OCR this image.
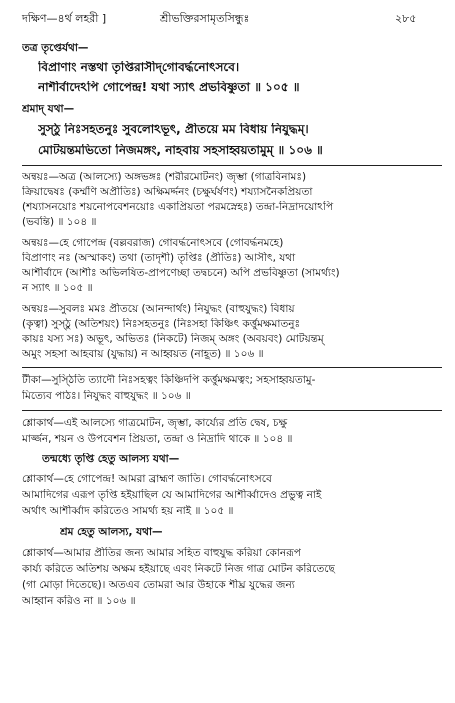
দক্ষিণ—৪র্থ লহরী ]	শ্রীভক্তিরসামৃতসিন্ধুঃ	২৮৫
তত্র তৃপ্তের্যথা—
বিপ্রাণাং নস্তথা তৃপ্তিরাসীদ্‌গোবর্দ্ধনোৎসবে।
নাশীর্বাদেঽপি গোপেন্দ্র! যথা স্যাৎ প্রভবিষ্ণুতা ॥ ১০৫ ॥
শ্রমাদ্ যথা—
সুস্ঠু নিঃসহতনুঃ সুবলোঽভূৎ, প্রীতয়ে মম বিধায় নিযুদ্ধম্।
মোটয়ন্তমভিতো নিজমঙ্গং, নাহবায় সহসাহ্বয়তামুম্ ॥ ১০৬ ॥
অন্বয়ঃ—অত্র (আলস্যে) অঙ্গভঙ্গঃ (শরীরমোটনং) জৃম্ভা (গাত্রবিনামঃ)
ক্রিয়াদ্বেষঃ (কর্ম্মণি অপ্রীতিঃ) অক্ষিমর্দ্দনং (চক্ষুর্ঘর্ষণং) শয্যাসনৈকপ্রিয়তা
(শয্যাসনয়োঃ শয়নোপবেশনয়োঃ একাপ্রিয়তা পরমস্নেহঃ) তন্দ্রা-নিদ্রাদয়োঽপি
(ভবন্তি) ॥ ১০৪ ॥
অন্বয়ঃ—হে গোপেন্দ্র (বল্লবরাজ) গোবর্দ্ধনোৎসবে (গোবর্দ্ধনমহে)
বিপ্রাণাং নঃ (অস্মাকং) তথা (তাদৃশী) তৃপ্তিঃ (প্রীতিঃ) আসীৎ, যথা
আশীর্বাদে (আশীঃ অভিলষিত-প্রাপণেচ্ছা তদ্বচনে) অপি প্রভবিষ্ণুতা (সামর্থ্যং)
ন স্যাৎ ॥ ১০৫ ॥
অন্বয়ঃ—সুবলঃ মমঃ প্রীতয়ে (আনন্দার্থং) নিযুদ্ধং (বাহুযুদ্ধং) বিধায়
(কৃত্বা) সুস্ঠু (অতিশয়ং) নিঃসহতনুঃ (নিঃসহা কিঞ্চিৎ কর্ত্তুমক্ষমাতনুঃ
কায়ঃ যস্য সঃ) অভূৎ, অভিতঃ (নিকটে) নিজম্ অঙ্গং (অবয়বং) মোটয়ন্তম্
অমুং সহসা আহবায় (যুদ্ধায়) ন আহ্বয়ত (নাহূত) ॥ ১০৬ ॥
টীকা—সুস্ঠিতি ত্যাদৌ নিঃসহত্বং কিঞ্চিদপি কর্ত্তুমক্ষমত্বং; সহসাহ্বয়তামু-
মিত্যেব পাঠঃ। নিযুদ্ধং বাহুযুদ্ধং ॥ ১০৬ ॥
শ্লোকার্থ—এই আলস্যে গাত্রমোটন, জৃম্ভা, কার্য্যের প্রতি দ্বেষ, চক্ষু
মার্জ্জন, শয়ন ও উপবেশন প্রিয়তা, তন্দ্রা ও নিদ্রাদি থাকে ॥ ১০৪ ॥
তন্মধ্যে তৃপ্তি হেতু আলস্য যথা—
শ্লোকার্থ—হে গোপেন্দ্র! আমরা ব্রাহ্মণ জাতি। গোবর্দ্ধনোৎসবে
আমাদিগের এরূপ তৃপ্তি হইয়াছিল যে আমাদিগের আশীর্ব্বাদেও প্রভুত্ব নাই
অর্থাৎ আশীর্ব্বাদ করিতেও সামর্থ্য হয় নাই ॥ ১০৫ ॥
শ্রম হেতু আলস্য, যথা—
শ্লোকার্থ—আমার প্রীতির জন্য আমার সহিত বাহুযুদ্ধ করিয়া কোনরূপ
কার্য্য করিতে অতিশয় অক্ষম হইয়াছে এবং নিকটে নিজ গাত্র মোটন করিতেছে
(গা মোড়া দিতেছে)। অতএব তোমরা আর উহাকে শীঘ্র যুদ্ধের জন্য
আহ্বান করিও না ॥ ১০৬ ॥
